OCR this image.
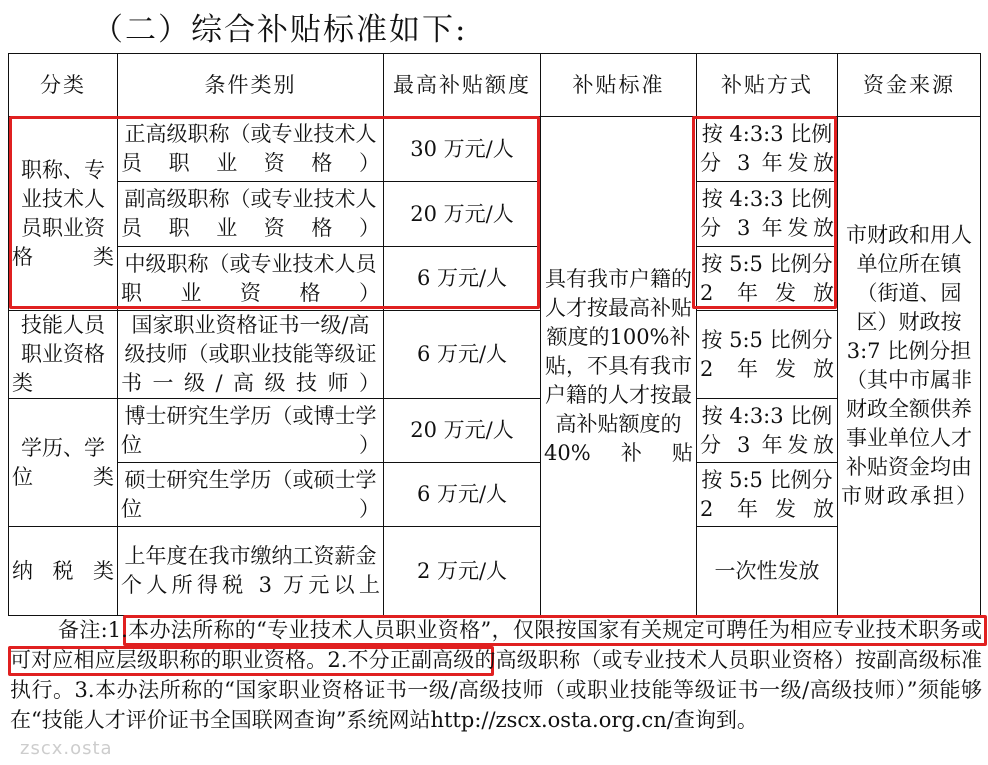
（二）综合补贴标准如下:
分类	条件类别	最高补贴额度	补贴标准	补贴方式	资金来源
职称、专业技术人员职业资格类	正高级职称（或专业技术人员职业资格）	30 万元/人	具有我市户籍的人才按最高补贴额度的100%补贴，不具有我市户籍的人才按最高补贴额度的40%补贴	按 4:3:3 比例分 3 年发放	市财政和用人单位所在镇（街道、园区）财政按3:7 比例分担（其中市属非财政全额供养事业单位人才补贴资金均由市财政承担）
	副高级职称（或专业技术人员职业资格）	20 万元/人		按 4:3:3 比例分 3 年发放	
	中级职称（或专业技术人员职业资格）	6 万元/人		按 5:5 比例分 2 年发放	
技能人员职业资格类	国家职业资格证书一级/高级技师（或职业技能等级证书一级/高级技师）	6 万元/人		按 5:5 比例分 2 年发放	
学历、学位类	博士研究生学历（或博士学位）	20 万元/人		按 4:3:3 比例分 3 年发放	
	硕士研究生学历（或硕士学位）	6 万元/人		按 5:5 比例分 2 年发放	
纳税类	上年度在我市缴纳工资薪金个人所得税 3 万元以上	2 万元/人		一次性发放	
备注:1.本办法所称的“专业技术人员职业资格”，仅限按国家有关规定可聘任为相应专业技术职务或可对应相应层级职称的职业资格。2.不分正副高级的高级职称（或专业技术人员职业资格）按副高级标准执行。3.本办法所称的“国家职业资格证书一级/高级技师（或职业技能等级证书一级/高级技师）”须能够在“技能人才评价证书全国联网查询”系统网站http://zscx.osta.org.cn/查询到。
zscx.osta
